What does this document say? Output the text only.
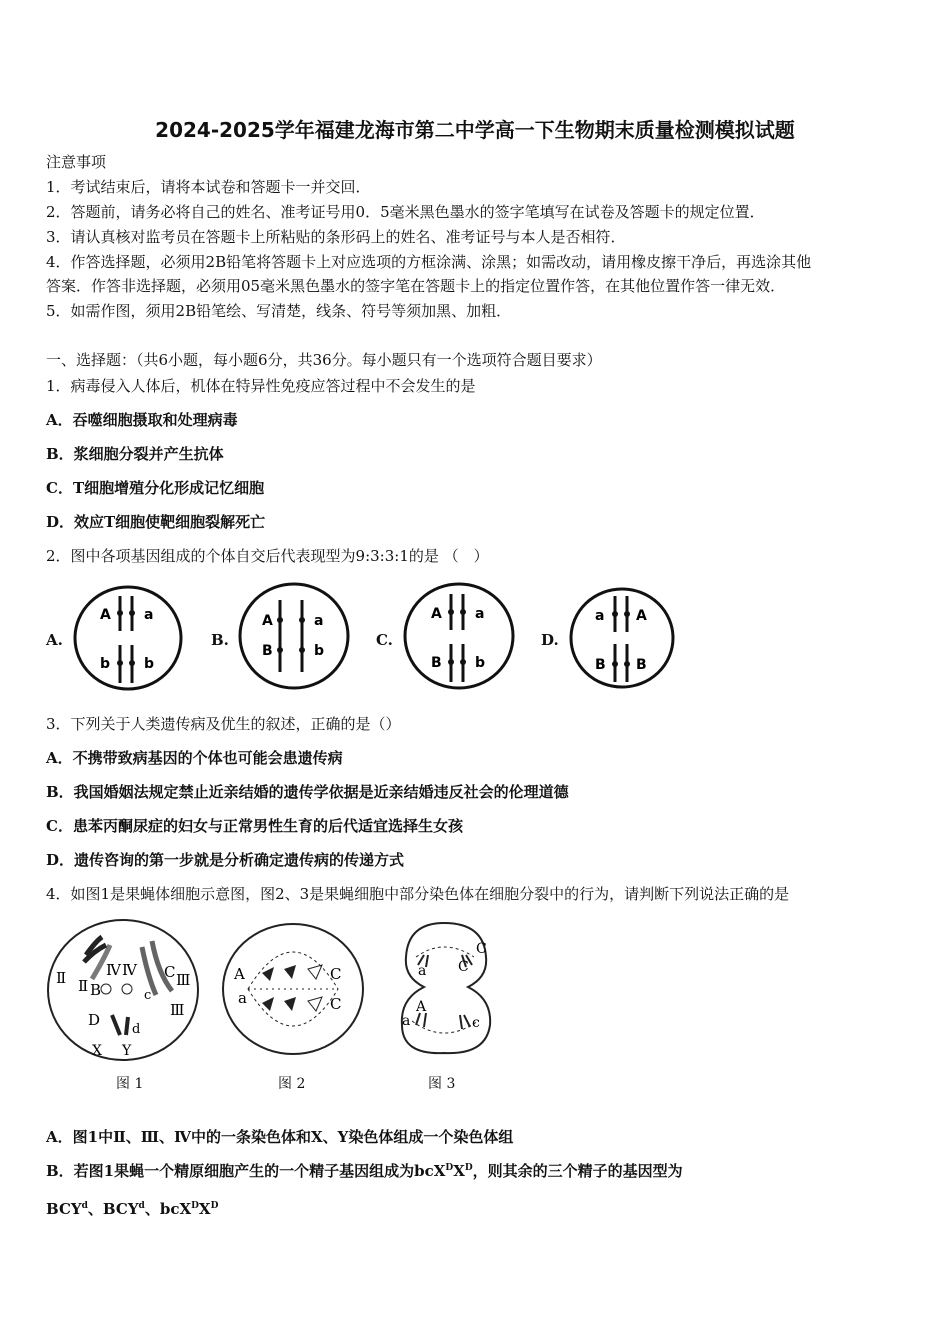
2024-2025学年福建龙海市第二中学高一下生物期末质量检测模拟试题
注意事项
1．考试结束后，请将本试卷和答题卡一并交回．
2．答题前，请务必将自己的姓名、准考证号用0．5毫米黑色墨水的签字笔填写在试卷及答题卡的规定位置．
3．请认真核对监考员在答题卡上所粘贴的条形码上的姓名、准考证号与本人是否相符．
4．作答选择题，必须用2B铅笔将答题卡上对应选项的方框涂满、涂黑；如需改动，请用橡皮擦干净后，再选涂其他
答案．作答非选择题，必须用05毫米黑色墨水的签字笔在答题卡上的指定位置作答，在其他位置作答一律无效．
5．如需作图，须用2B铅笔绘、写清楚，线条、符号等须加黑、加粗．
一、选择题：（共6小题，每小题6分，共36分。每小题只有一个选项符合题目要求）
1．病毒侵入人体后，机体在特异性免疫应答过程中不会发生的是
A．吞噬细胞摄取和处理病毒
B．浆细胞分裂并产生抗体
C．T细胞增殖分化形成记忆细胞
D．效应T细胞使靶细胞裂解死亡
2．图中各项基因组成的个体自交后代表现型为9:3:3:1的是 （　）
A.	B.	C.	D.
A a
b b
A	a
B	b
A a
B b
a A
B B
3．下列关于人类遗传病及优生的叙述，正确的是（）
A．不携带致病基因的个体也可能会患遗传病
B．我国婚姻法规定禁止近亲结婚的遗传学依据是近亲结婚违反社会的伦理道德
C．患苯丙酮尿症的妇女与正常男性生育的后代适宜选择生女孩
D．遗传咨询的第一步就是分析确定遗传病的传递方式
4．如图1是果蝇体细胞示意图，图2、3是果蝇细胞中部分染色体在细胞分裂中的行为，请判断下列说法正确的是
Ⅱ Ⅱ B
Ⅳ Ⅳ C Ⅲ
c
Ⅲ
D
d
X Y
A
a
C
C
a
C
C
A
a	c
图 1	图 2	图 3
A．图1中Ⅱ、Ⅲ、Ⅳ中的一条染色体和X、Y染色体组成一个染色体组
B．若图1果蝇一个精原细胞产生的一个精子基因组成为$bcX^DX^D$，则其余的三个精子的基因型为
BCY$^d$、BCY$^d$、$bcX^DX^D$
